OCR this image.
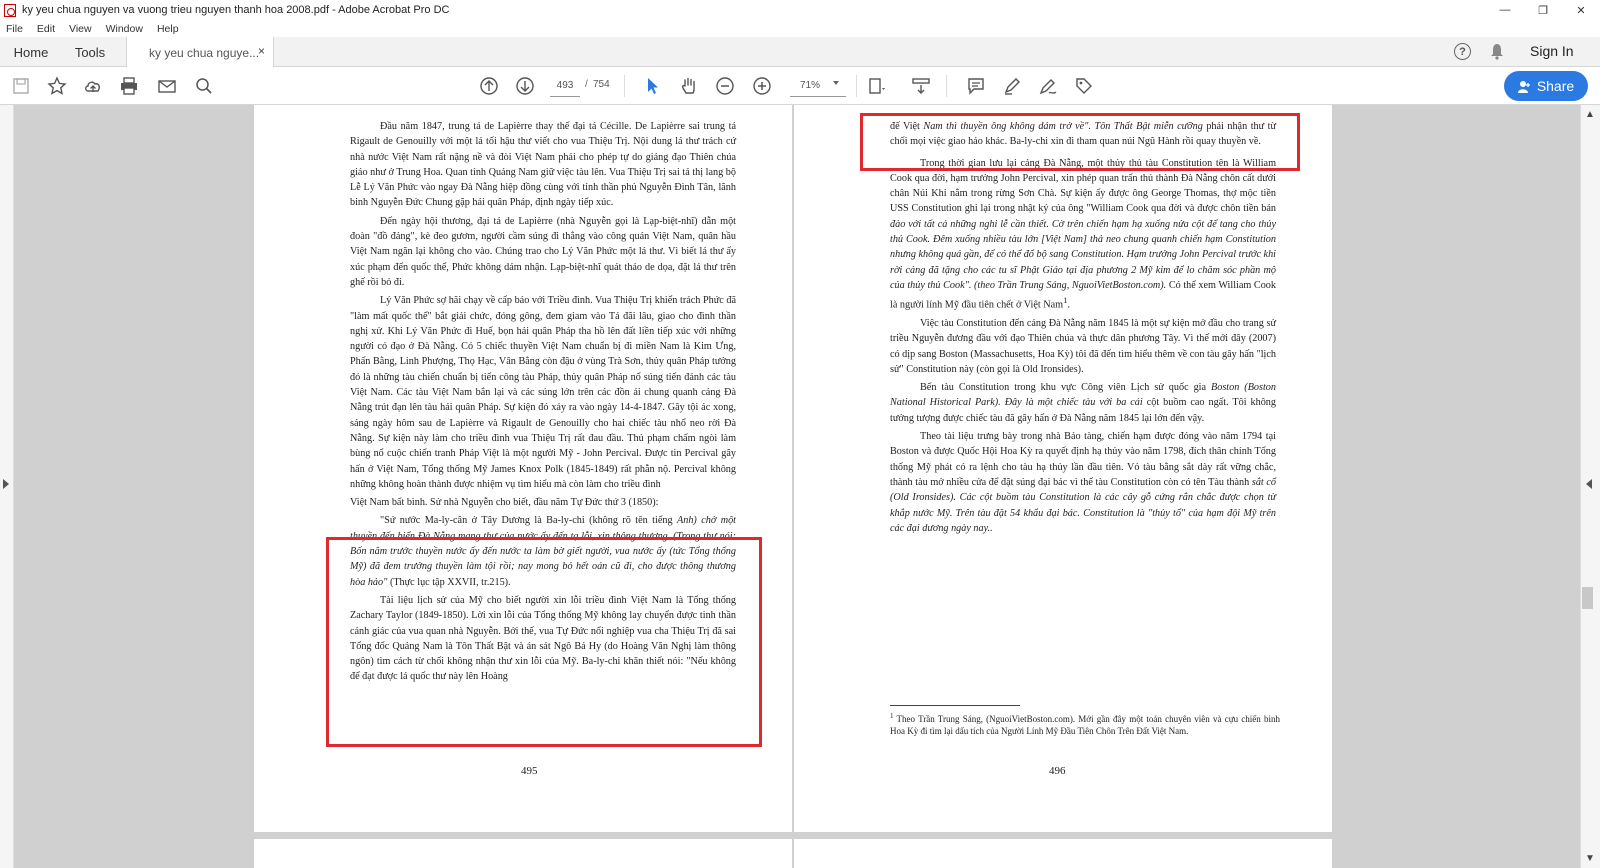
ky yeu chua nguyen va vuong trieu nguyen thanh hoa 2008.pdf - Adobe Acrobat Pro DC	—	❐	✕
File Edit View Window Help
Home	Tools	ky yeu chua nguye...
×	?	Sign In
493	/ 754	71%	Share

Đầu năm 1847, trung tá de Lapièrre thay thế đại tá Cécille. De Lapièrre sai trung tá Rigault de Genouilly với một lá tối hậu thư viết cho vua Thiệu Trị. Nội dung lá thư trách cứ nhà nước Việt Nam rất nặng nề và đòi Việt Nam phải cho phép tự do giảng đạo Thiên chúa giáo như ở Trung Hoa. Quan tỉnh Quảng Nam giữ việc tàu lên. Vua Thiệu Trị sai tả thị lang bộ Lễ Lý Văn Phức vào ngay Đà Nẵng hiệp đồng cùng với tỉnh thần phủ Nguyễn Đình Tân, lãnh binh Nguyễn Đức Chung gặp hải quân Pháp, định ngày tiếp xúc.

Đến ngày hội thương, đại tá de Lapièrre (nhà Nguyễn gọi là Lạp-biệt-nhĩ) dẫn một đoàn "đồ đảng", kè đeo gươm, người cầm súng đi thẳng vào công quán Việt Nam, quân hầu Việt Nam ngăn lại không cho vào. Chúng trao cho Lý Văn Phức một lá thư. Vì biết lá thư ấy xúc phạm đến quốc thể, Phức không dám nhận. Lạp-biệt-nhĩ quát tháo de dọa, đặt lá thư trên ghế rồi bỏ đi.

Lý Văn Phức sợ hãi chạy về cấp báo với Triều đình. Vua Thiệu Trị khiển trách Phức đã "làm mất quốc thể" bắt giải chức, đóng gông, đem giam vào Tả đãi lâu, giao cho đình thần nghị xử. Khi Lý Văn Phức đi Huế, bọn hải quân Pháp tha hồ lên đất liền tiếp xúc với những người có đạo ở Đà Nẵng. Có 5 chiếc thuyền Việt Nam chuẩn bị đi miền Nam là Kim Ưng, Phấn Bằng, Linh Phượng, Thọ Hạc, Vân Bằng còn đậu ở vùng Trà Sơn, thủy quân Pháp tưởng đó là những tàu chiến chuẩn bị tiến công tàu Pháp, thủy quân Pháp nổ súng tiến đánh các tàu Việt Nam. Các tàu Việt Nam bắn lại và các súng lớn trên các đồn ải chung quanh cảng Đà Nẵng trút đạn lên tàu hải quân Pháp. Sự kiện đó xảy ra vào ngày 14-4-1847. Gây tội ác xong, sáng ngày hôm sau de Lapièrre và Rigault de Genouilly cho hai chiếc tàu nhổ neo rời Đà Nẵng. Sự kiện này làm cho triều đình vua Thiệu Trị rất đau đầu. Thủ phạm chấm ngòi làm bùng nổ cuộc chiến tranh Pháp Việt là một người Mỹ - John Percival. Được tin Percival gây hấn ở Việt Nam, Tổng thống Mỹ James Knox Polk (1845-1849) rất phẫn nộ. Percival không những không hoàn thành được nhiệm vụ tìm hiểu mà còn làm cho triều đình

Việt Nam bất bình. Sử nhà Nguyễn cho biết, đầu năm Tự Đức thứ 3 (1850):

"Sứ nước Ma-ly-cân ở Tây Dương là Ba-ly-chi (không rõ tên tiếng Anh) chở một thuyền đến biển Đà Nẵng mang thư của nước ấy đến tạ lỗi, xin thông thương. (Trong thư nói: Bốn năm trước thuyền nước ấy đến nước ta làm bờ giết người, vua nước ấy (tức Tổng thống Mỹ) đã đem trưởng thuyền làm tội rồi; nay mong bỏ hết oán cũ đi, cho được thông thương hòa hảo" (Thực lục tập XXVII, tr.215).

Tài liệu lịch sử của Mỹ cho biết người xin lỗi triều đình Việt Nam là Tổng thống Zachary Taylor (1849-1850). Lời xin lỗi của Tổng thống Mỹ không lay chuyển được tinh thần cảnh giác của vua quan nhà Nguyễn. Bởi thế, vua Tự Đức nổi nghiệp vua cha Thiệu Trị đã sai Tổng đốc Quảng Nam là Tôn Thất Bật và án sát Ngô Bá Hy (do Hoàng Văn Nghị làm thông ngôn) tìm cách từ chối không nhận thư xin lỗi của Mỹ. Ba-ly-chi khăn thiết nói: "Nếu không để đạt được lá quốc thư này lên Hoàng

495

đế Việt Nam thì thuyền ông không dám trở về". Tôn Thất Bật miễn cưỡng phải nhận thư từ chối mọi việc giao hảo khác. Ba-ly-chi xin đi tham quan núi Ngũ Hành rồi quay thuyền về.

Trong thời gian lưu lại cảng Đà Nẵng, một thủy thủ tàu Constitution tên là William Cook qua đời, hạm trưởng John Percival, xin phép quan trấn thủ thành Đà Nẵng chôn cất dưới chân Núi Khỉ nằm trong rừng Sơn Chà. Sự kiện ấy được ông George Thomas, thợ mộc tiền USS Constitution ghi lại trong nhật ký của ông "William Cook qua đời và được chôn tiền bán đảo với tất cả những nghi lễ cần thiết. Cờ trên chiến hạm hạ xuống nửa cột để tang cho thủy thủ Cook. Đêm xuống nhiều tàu lớn [Việt Nam] thả neo chung quanh chiến hạm Constitution nhưng không quá gần, để có thể đổ bộ sang Constitution. Hạm trưởng John Percival trước khi rời cảng đã tặng cho các tu sĩ Phật Giáo tại địa phương 2 Mỹ kim để lo chăm sóc phần mộ của thủy thủ Cook". (theo Trần Trung Sáng, NguoiVietBoston.com). Có thể xem William Cook là người lính Mỹ đầu tiên chết ở Việt Nam$^1$.

Việc tàu Constitution đến cảng Đà Nẵng năm 1845 là một sự kiện mở đầu cho trang sử triều Nguyễn đương đầu với đạo Thiên chúa và thực dân phương Tây. Vì thế mới đây (2007) có dịp sang Boston (Massachusetts, Hoa Kỳ) tôi đã đến tìm hiểu thêm về con tàu gây hấn "lịch sử" Constitution này (còn gọi là Old Ironsides).

Bến tàu Constitution trong khu vực Công viên Lịch sử quốc gia Boston (Boston National Historical Park). Đây là một chiếc tàu với ba cái cột buồm cao ngất. Tôi không tưởng tượng được chiếc tàu đã gây hấn ở Đà Nẵng năm 1845 lại lớn đến vậy.

Theo tài liệu trưng bày trong nhà Bảo tàng, chiến hạm được đóng vào năm 1794 tại Boston và được Quốc Hội Hoa Kỳ ra quyết định hạ thủy vào năm 1798, đích thân chính Tổng thống Mỹ phát có ra lệnh cho tàu hạ thủy lần đầu tiên. Vỏ tàu bằng sắt dày rất vững chắc, thành tàu mở nhiều cửa để đặt súng đại bác vì thế tàu Constitution còn có tên Tàu thành sắt cổ (Old Ironsides). Các cột buồm tàu Constitution là các cây gỗ cứng rắn chắc được chọn từ khắp nước Mỹ. Trên tàu đặt 54 khẩu đại bác. Constitution là "thủy tổ" của hạm đội Mỹ trên các đại dương ngày nay..

$^1$ Theo Trần Trung Sáng, (NguoiVietBoston.com). Mới gần đây một toán chuyên viên và cựu chiến binh Hoa Kỳ đi tìm lại dấu tích của Người Lính Mỹ Đầu Tiên Chôn Trên Đất Việt Nam.
496
▲
▼
